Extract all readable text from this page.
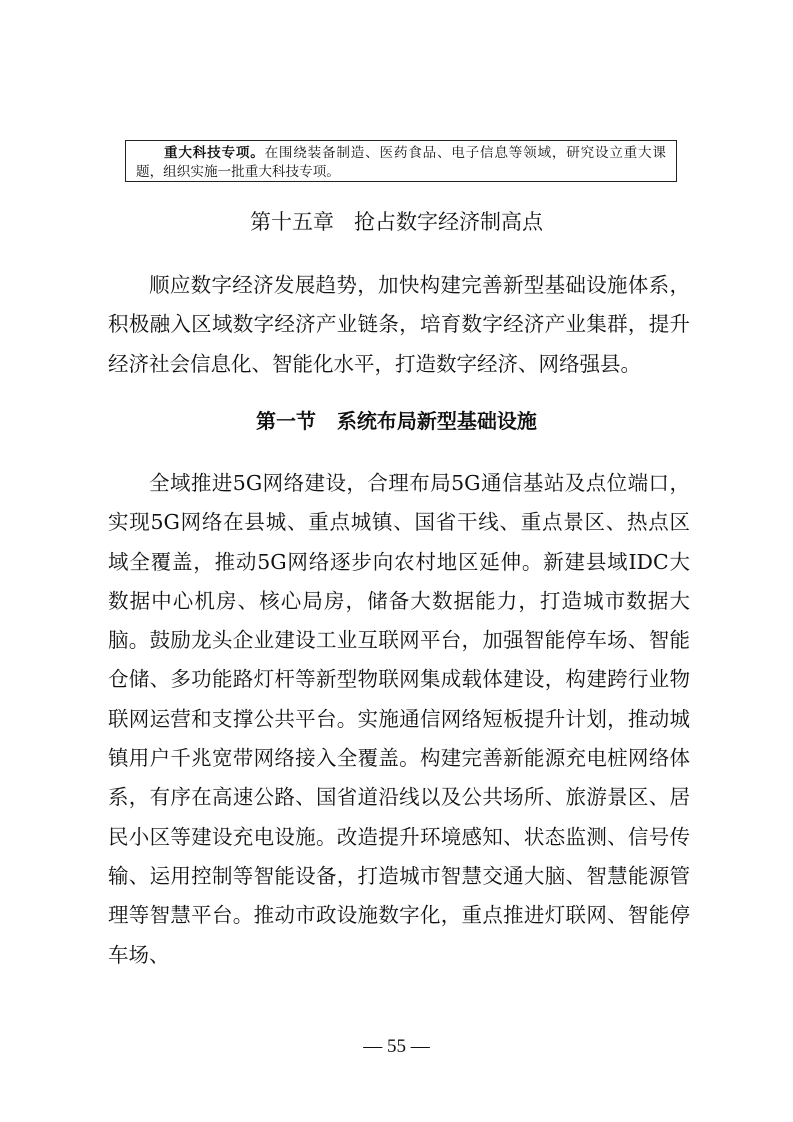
重大科技专项。在围绕装备制造、医药食品、电子信息等领域，研究设立重大课题，组织实施一批重大科技专项。
第十五章   抢占数字经济制高点

顺应数字经济发展趋势，加快构建完善新型基础设施体系，积极融入区域数字经济产业链条，培育数字经济产业集群，提升经济社会信息化、智能化水平，打造数字经济、网络强县。

第一节   系统布局新型基础设施

全域推进5G网络建设，合理布局5G通信基站及点位端口，实现5G网络在县城、重点城镇、国省干线、重点景区、热点区域全覆盖，推动5G网络逐步向农村地区延伸。新建县域IDC大数据中心机房、核心局房，储备大数据能力，打造城市数据大脑。鼓励龙头企业建设工业互联网平台，加强智能停车场、智能仓储、多功能路灯杆等新型物联网集成载体建设，构建跨行业物联网运营和支撑公共平台。实施通信网络短板提升计划，推动城镇用户千兆宽带网络接入全覆盖。构建完善新能源充电桩网络体系，有序在高速公路、国省道沿线以及公共场所、旅游景区、居民小区等建设充电设施。改造提升环境感知、状态监测、信号传输、运用控制等智能设备，打造城市智慧交通大脑、智慧能源管理等智慧平台。推动市政设施数字化，重点推进灯联网、智能停车场、

— 55 —
